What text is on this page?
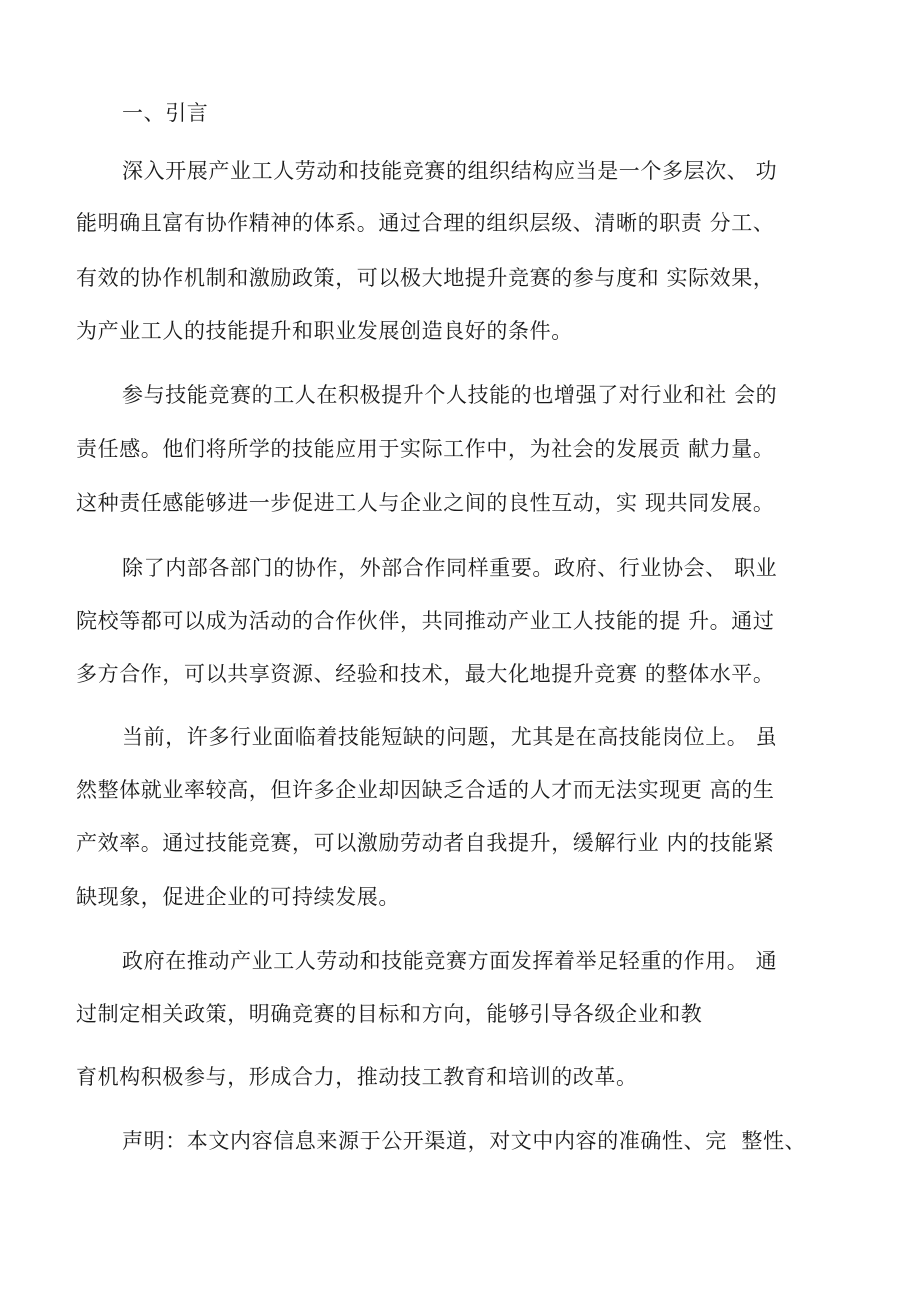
一、引言
深入开展产业工人劳动和技能竞赛的组织结构应当是一个多层次、 功
能明确且富有协作精神的体系。通过合理的组织层级、清晰的职责 分工、
有效的协作机制和激励政策，可以极大地提升竞赛的参与度和 实际效果，
为产业工人的技能提升和职业发展创造良好的条件。
参与技能竞赛的工人在积极提升个人技能的也增强了对行业和社 会的
责任感。他们将所学的技能应用于实际工作中，为社会的发展贡 献力量。
这种责任感能够进一步促进工人与企业之间的良性互动，实 现共同发展。
除了内部各部门的协作，外部合作同样重要。政府、行业协会、 职业
院校等都可以成为活动的合作伙伴，共同推动产业工人技能的提 升。通过
多方合作，可以共享资源、经验和技术，最大化地提升竞赛 的整体水平。
当前，许多行业面临着技能短缺的问题，尤其是在高技能岗位上。 虽
然整体就业率较高，但许多企业却因缺乏合适的人才而无法实现更 高的生
产效率。通过技能竞赛，可以激励劳动者自我提升，缓解行业 内的技能紧
缺现象，促进企业的可持续发展。
政府在推动产业工人劳动和技能竞赛方面发挥着举足轻重的作用。 通
过制定相关政策，明确竞赛的目标和方向，能够引导各级企业和教
育机构积极参与，形成合力，推动技工教育和培训的改革。
声明：本文内容信息来源于公开渠道，对文中内容的准确性、完  整性、
